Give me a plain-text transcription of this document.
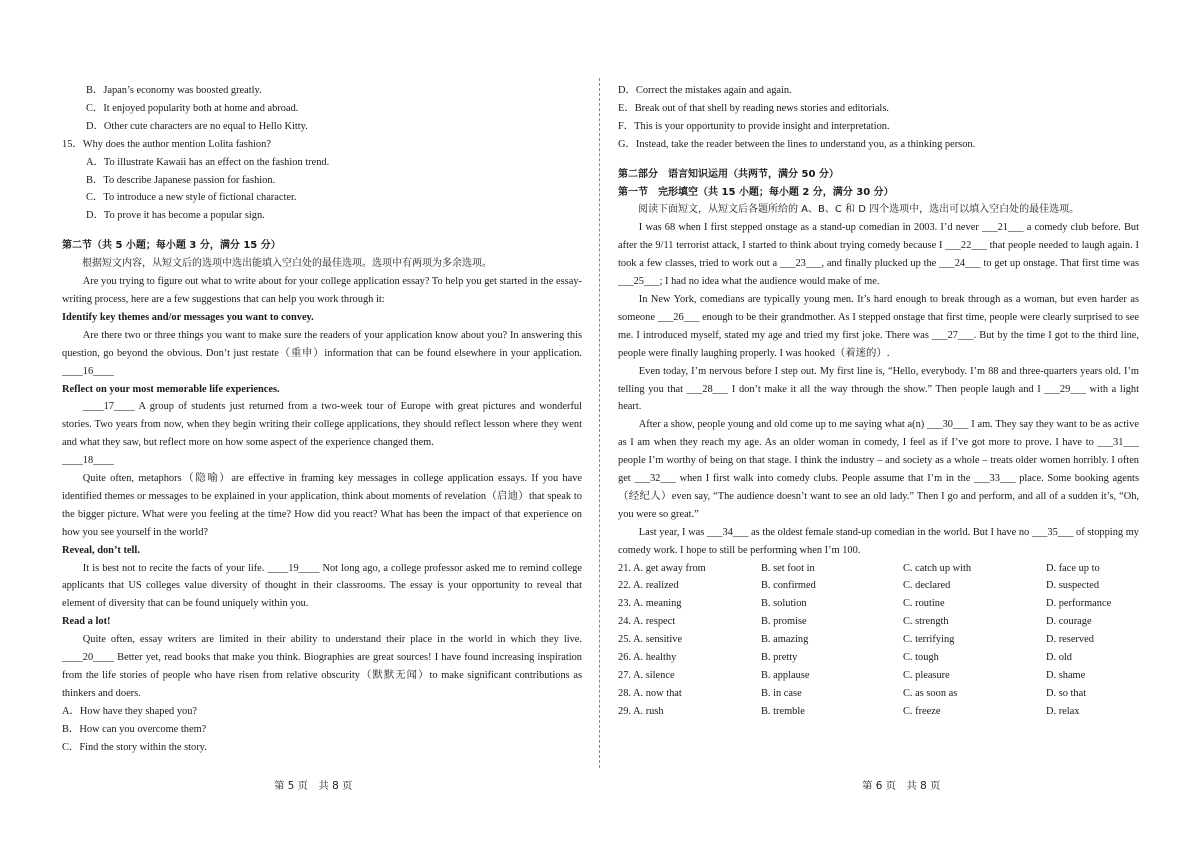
B．Japan’s economy was boosted greatly.
C．It enjoyed popularity both at home and abroad.
D．Other cute characters are no equal to Hello Kitty.
15．Why does the author mention Lolita fashion?
A．To illustrate Kawaii has an effect on the fashion trend.
B．To describe Japanese passion for fashion.
C．To introduce a new style of fictional character.
D．To prove it has become a popular sign.
第二节（共 5 小题；每小题 3 分，满分 15 分）

根据短文内容，从短文后的选项中选出能填入空白处的最佳选项。选项中有两项为多余选项。

Are you trying to figure out what to write about for your college application essay? To help you get started in the essay-writing process, here are a few suggestions that can help you work through it:

Identify key themes and/or messages you want to convey.

Are there two or three things you want to make sure the readers of your application know about you? In answering this question, go beyond the obvious. Don’t just restate（重申）information that can be found elsewhere in your application. ____16____

Reflect on your most memorable life experiences.

____17____ A group of students just returned from a two-week tour of Europe with great pictures and wonderful stories. Two years from now, when they begin writing their college applications, they should reflect lesson where they went and what they saw, but reflect more on how some aspect of the experience changed them.

____18____

Quite often, metaphors（隐喻）are effective in framing key messages in college application essays. If you have identified themes or messages to be explained in your application, think about moments of revelation（启迪）that speak to the bigger picture. What were you feeling at the time? How did you react? What has been the impact of that experience on how you see yourself in the world?

Reveal, don’t tell.

It is best not to recite the facts of your life. ____19____ Not long ago, a college professor asked me to remind college applicants that US colleges value diversity of thought in their classrooms. The essay is your opportunity to reveal that element of diversity that can be found uniquely within you.

Read a lot!

Quite often, essay writers are limited in their ability to understand their place in the world in which they live. ____20____ Better yet, read books that make you think. Biographies are great sources! I have found increasing inspiration from the life stories of people who have risen from relative obscurity（默默无闻）to make significant contributions as thinkers and doers.

A．How have they shaped you?
B．How can you overcome them?
C．Find the story within the story.
D．Correct the mistakes again and again.
E．Break out of that shell by reading news stories and editorials.
F．This is your opportunity to provide insight and interpretation.
G．Instead, take the reader between the lines to understand you, as a thinking person.
第二部分　语言知识运用（共两节，满分 50 分）
第一节　完形填空（共 15 小题；每小题 2 分，满分 30 分）

阅读下面短文，从短文后各题所给的 A、B、C 和 D 四个选项中，选出可以填入空白处的最佳选项。

I was 68 when I first stepped onstage as a stand-up comedian in 2003. I’d never ___21___ a comedy club before. But after the 9/11 terrorist attack, I started to think about trying comedy because I ___22___ that people needed to laugh again. I took a few classes, tried to work out a ___23___, and finally plucked up the ___24___ to get up onstage. That first time was ___25___; I had no idea what the audience would make of me.

In New York, comedians are typically young men. It’s hard enough to break through as a woman, but even harder as someone ___26___ enough to be their grandmother. As I stepped onstage that first time, people were clearly surprised to see me. I introduced myself, stated my age and tried my first joke. There was ___27___. But by the time I got to the third line, people were finally laughing properly. I was hooked（着迷的）.

Even today, I’m nervous before I step out. My first line is, “Hello, everybody. I’m 88 and three-quarters years old. I’m telling you that ___28___ I don’t make it all the way through the show.” Then people laugh and I ___29___ with a light heart.

After a show, people young and old come up to me saying what a(n) ___30___ I am. They say they want to be as active as I am when they reach my age. As an older woman in comedy, I feel as if I’ve got more to prove. I have to ___31___ people I’m worthy of being on that stage. I think the industry – and society as a whole – treats older women horribly. I often get ___32___ when I first walk into comedy clubs. People assume that I’m in the ___33___ place. Some booking agents（经纪人）even say, “The audience doesn’t want to see an old lady.” Then I go and perform, and all of a sudden it’s, “Oh, you were so great.”

Last year, I was ___34___ as the oldest female stand-up comedian in the world. But I have no ___35___ of stopping my comedy work. I hope to still be performing when I’m 100.

21. A. get away from	B. set foot in	C. catch up with	D. face up to
22. A. realized	B. confirmed	C. declared	D. suspected
23. A. meaning	B. solution	C. routine	D. performance
24. A. respect	B. promise	C. strength	D. courage
25. A. sensitive	B. amazing	C. terrifying	D. reserved
26. A. healthy	B. pretty	C. tough	D. old
27. A. silence	B. applause	C. pleasure	D. shame
28. A. now that	B. in case	C. as soon as	D. so that
29. A. rush	B. tremble	C. freeze	D. relax
第 5 页　共 8 页	第 6 页　共 8 页
